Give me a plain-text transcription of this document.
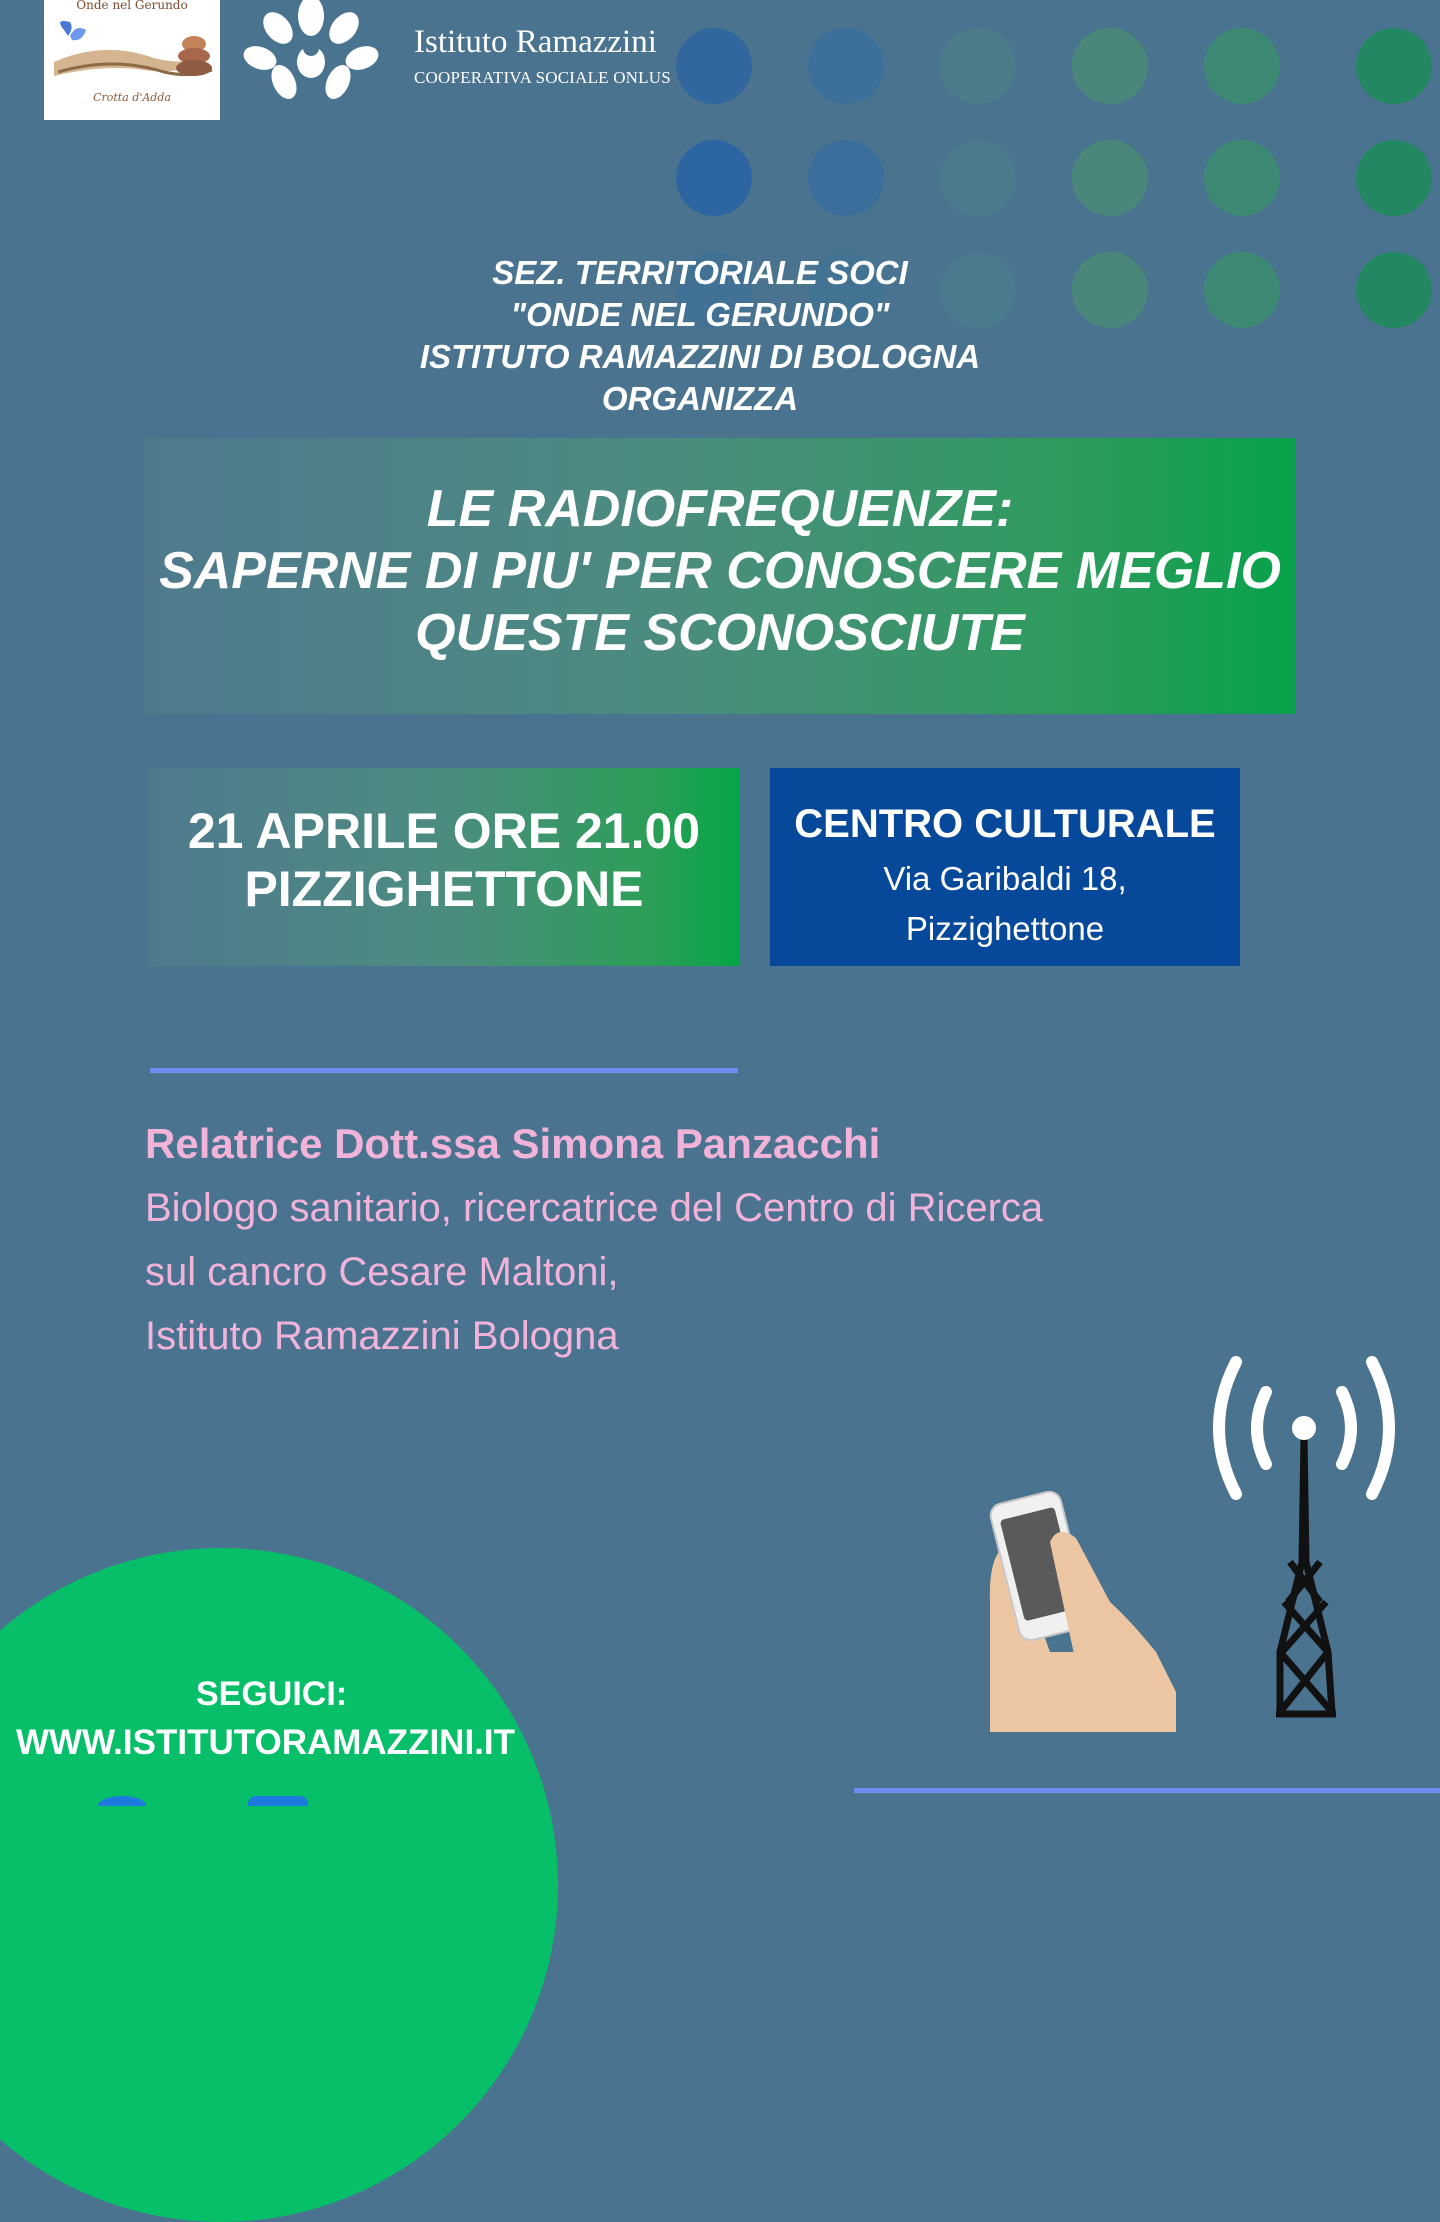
Onde nel Gerundo
Crotta d'Adda
Istituto Ramazzini
COOPERATIVA SOCIALE ONLUS
SEZ. TERRITORIALE SOCI
"ONDE NEL GERUNDO"
ISTITUTO RAMAZZINI DI BOLOGNA
ORGANIZZA
LE RADIOFREQUENZE:
SAPERNE DI PIU' PER CONOSCERE MEGLIO
QUESTE SCONOSCIUTE
21 APRILE ORE 21.00
PIZZIGHETTONE
CENTRO CULTURALE
Via Garibaldi 18,
Pizzighettone
Relatrice Dott.ssa Simona Panzacchi
Biologo sanitario, ricercatrice del Centro di Ricerca
sul cancro Cesare Maltoni,
Istituto Ramazzini Bologna
SEGUICI:
WWW.ISTITUTORAMAZZINI.IT
